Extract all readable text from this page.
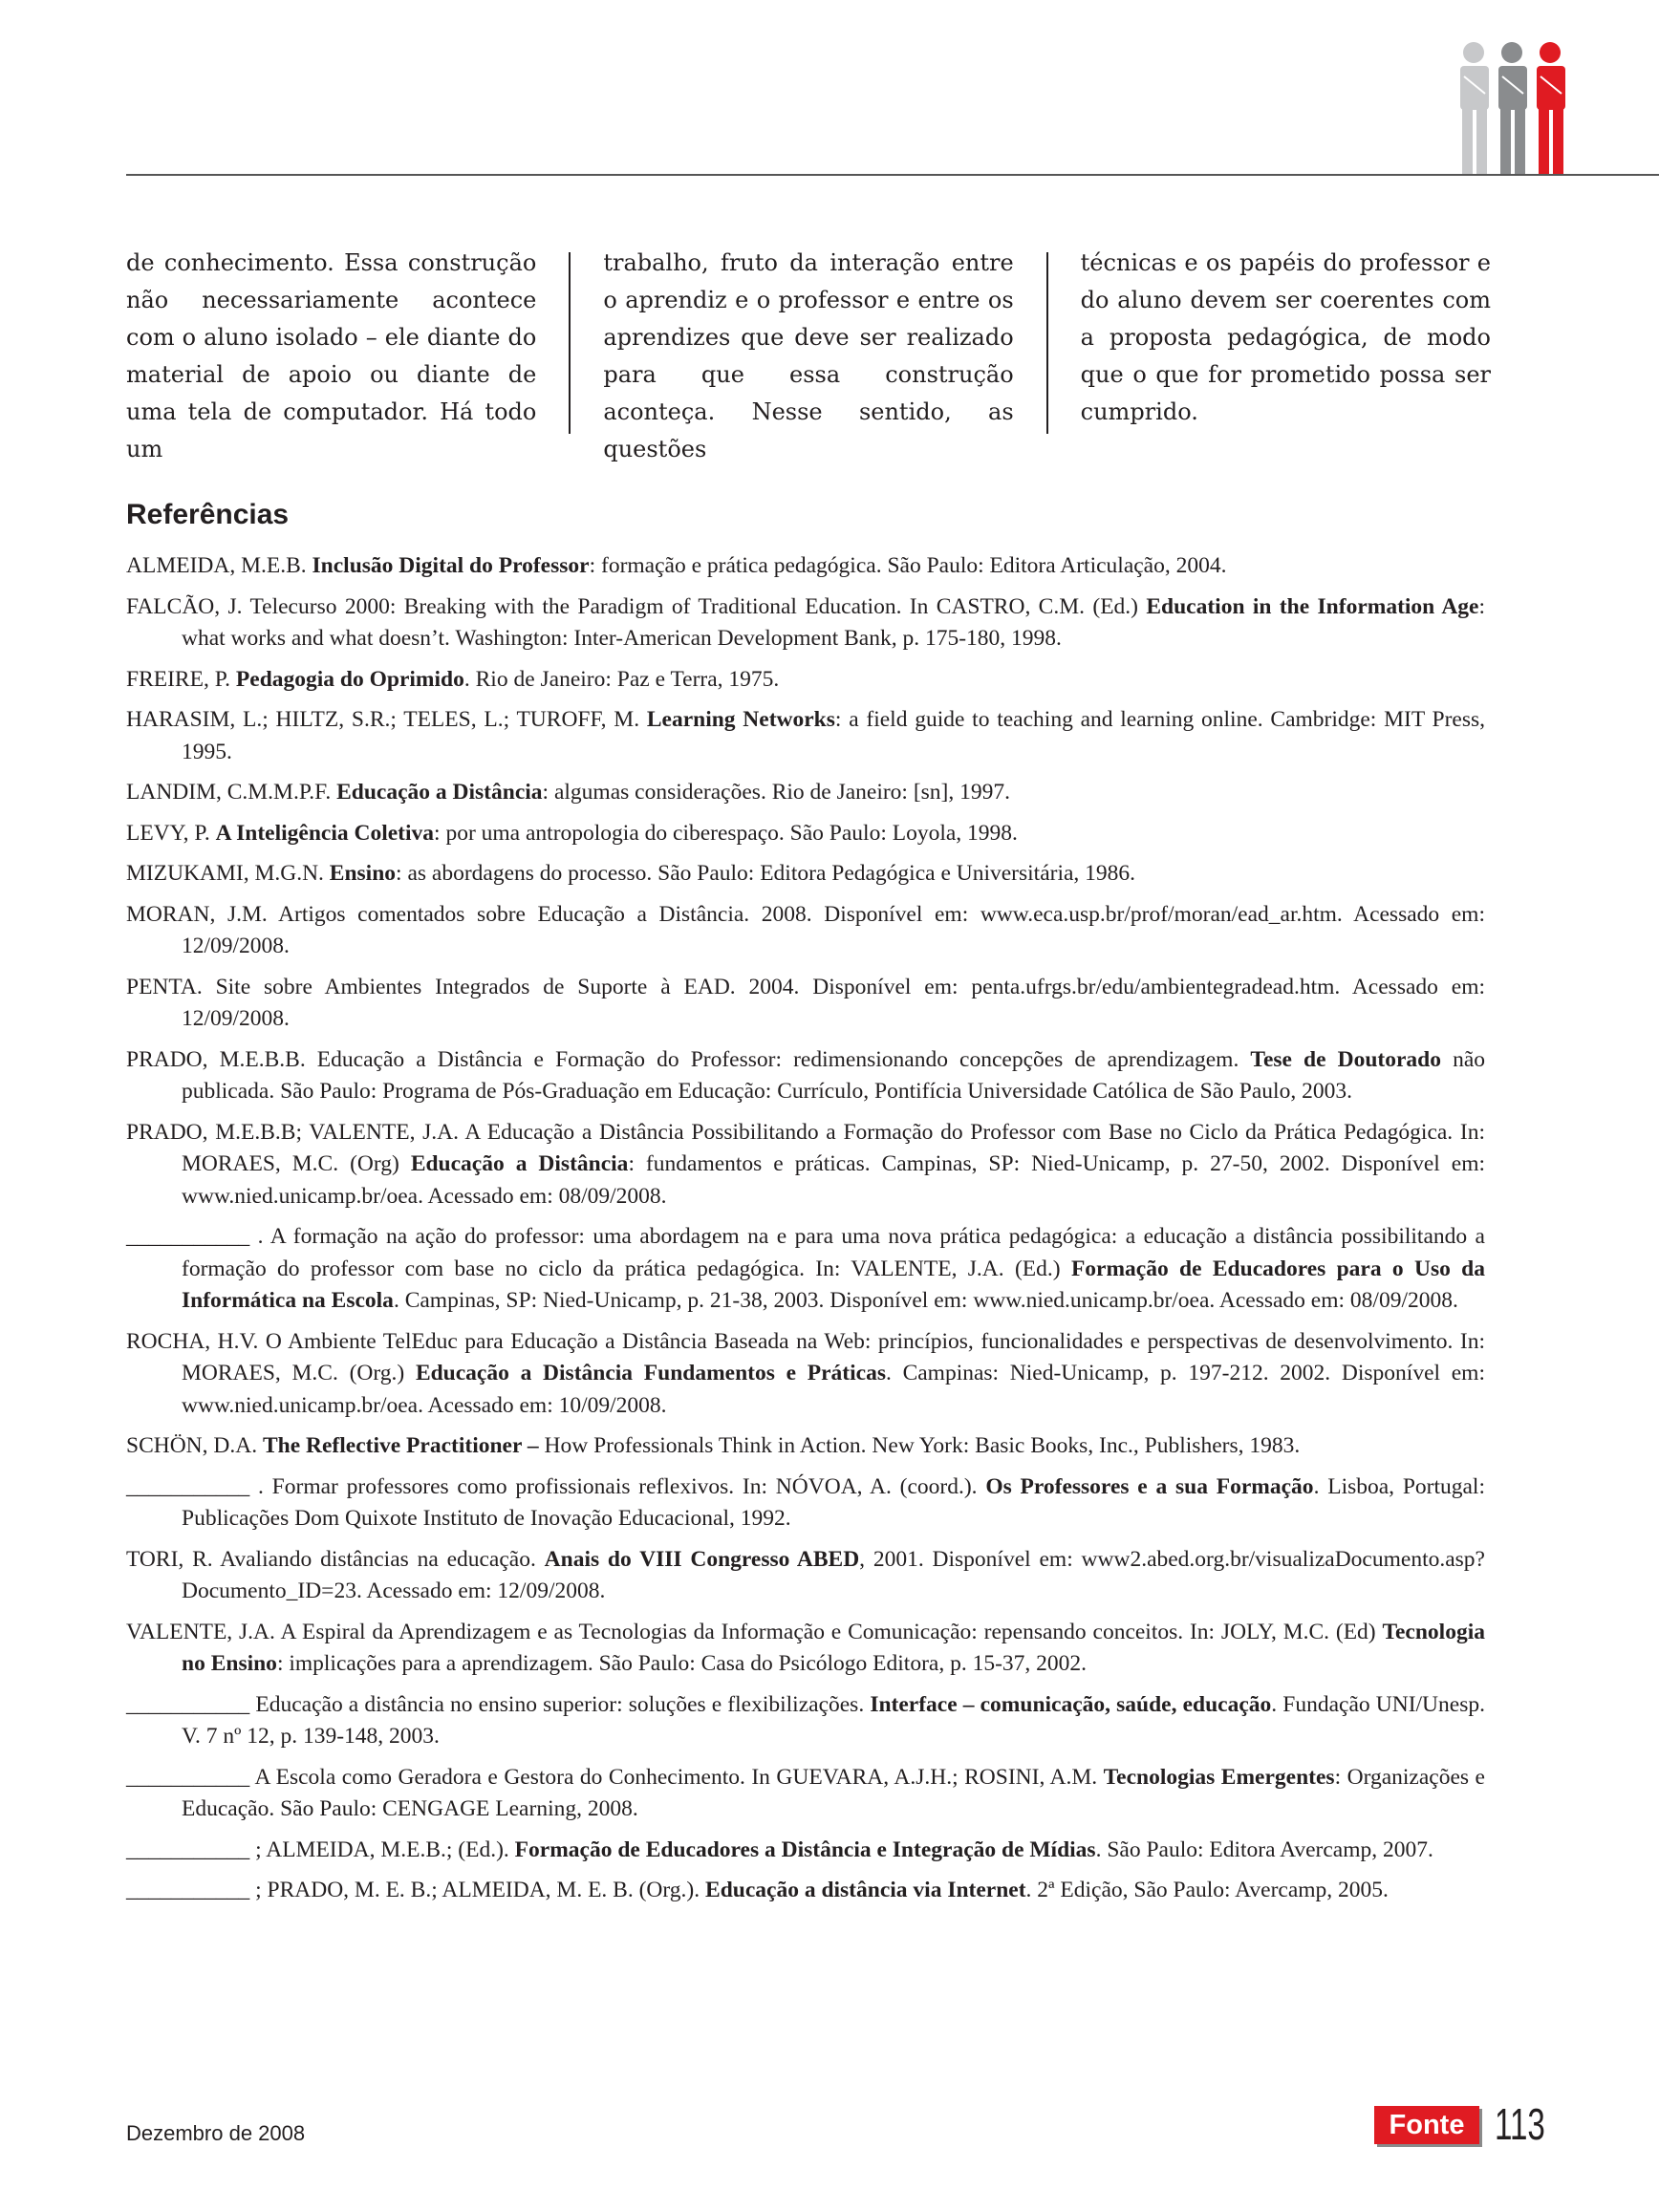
de conhecimento. Essa construção não necessariamente acontece com o aluno isolado – ele diante do material de apoio ou diante de uma tela de computador. Há todo um

trabalho, fruto da interação entre o aprendiz e o professor e entre os aprendizes que deve ser realizado para que essa construção aconteça. Nesse sentido, as questões

técnicas e os papéis do professor e do aluno devem ser coerentes com a proposta pedagógica, de modo que o que for prometido possa ser cumprido.

Referências

ALMEIDA, M.E.B. Inclusão Digital do Professor: formação e prática pedagógica. São Paulo: Editora Articulação, 2004.

FALCÃO, J. Telecurso 2000: Breaking with the Paradigm of Traditional Education. In CASTRO, C.M. (Ed.) Education in the Information Age: what works and what doesn’t. Washington: Inter-American Development Bank, p. 175-180, 1998.

FREIRE, P. Pedagogia do Oprimido. Rio de Janeiro: Paz e Terra, 1975.

HARASIM, L.; HILTZ, S.R.; TELES, L.; TUROFF, M. Learning Networks: a field guide to teaching and learning online. Cambridge: MIT Press, 1995.

LANDIM, C.M.M.P.F. Educação a Distância: algumas considerações. Rio de Janeiro: [sn], 1997.

LEVY, P. A Inteligência Coletiva: por uma antropologia do ciberespaço. São Paulo: Loyola, 1998.

MIZUKAMI, M.G.N. Ensino: as abordagens do processo. São Paulo: Editora Pedagógica e Universitária, 1986.

MORAN, J.M. Artigos comentados sobre Educação a Distância. 2008. Disponível em: www.eca.usp.br/prof/moran/ead_ar.htm. Acessado em: 12/09/2008.

PENTA. Site sobre Ambientes Integrados de Suporte à EAD. 2004. Disponível em: penta.ufrgs.br/edu/ambientegradead.htm. Acessado em: 12/09/2008.

PRADO, M.E.B.B. Educação a Distância e Formação do Professor: redimensionando concepções de aprendizagem. Tese de Doutorado não publicada. São Paulo: Programa de Pós-Graduação em Educação: Currículo, Pontifícia Universidade Católica de São Paulo, 2003.

PRADO, M.E.B.B; VALENTE, J.A. A Educação a Distância Possibilitando a Formação do Professor com Base no Ciclo da Prática Pedagógica. In: MORAES, M.C. (Org) Educação a Distância: fundamentos e práticas. Campinas, SP: Nied-Unicamp, p. 27-50, 2002. Disponível em: www.nied.unicamp.br/oea. Acessado em: 08/09/2008.

___________ . A formação na ação do professor: uma abordagem na e para uma nova prática pedagógica: a educação a distância possibilitando a formação do professor com base no ciclo da prática pedagógica. In: VALENTE, J.A. (Ed.) Formação de Educadores para o Uso da Informática na Escola. Campinas, SP: Nied-Unicamp, p. 21-38, 2003. Disponível em: www.nied.unicamp.br/oea. Acessado em: 08/09/2008.

ROCHA, H.V. O Ambiente TelEduc para Educação a Distância Baseada na Web: princípios, funcionalidades e perspectivas de desenvolvimento. In: MORAES, M.C. (Org.) Educação a Distância Fundamentos e Práticas. Campinas: Nied-Unicamp, p. 197-212. 2002. Disponível em: www.nied.unicamp.br/oea. Acessado em: 10/09/2008.

SCHÖN, D.A. The Reflective Practitioner – How Professionals Think in Action. New York: Basic Books, Inc., Publishers, 1983.

___________ . Formar professores como profissionais reflexivos. In: NÓVOA, A. (coord.). Os Professores e a sua Formação. Lisboa, Portugal: Publicações Dom Quixote Instituto de Inovação Educacional, 1992.

TORI, R. Avaliando distâncias na educação. Anais do VIII Congresso ABED, 2001. Disponível em: www2.abed.org.br/visualizaDocumento.asp?Documento_ID=23. Acessado em: 12/09/2008.

VALENTE, J.A. A Espiral da Aprendizagem e as Tecnologias da Informação e Comunicação: repensando conceitos. In: JOLY, M.C. (Ed) Tecnologia no Ensino: implicações para a aprendizagem. São Paulo: Casa do Psicólogo Editora, p. 15-37, 2002.

___________ Educação a distância no ensino superior: soluções e flexibilizações. Interface – comunicação, saúde, educação. Fundação UNI/Unesp. V. 7 nº 12, p. 139-148, 2003.

___________ A Escola como Geradora e Gestora do Conhecimento. In GUEVARA, A.J.H.; ROSINI, A.M. Tecnologias Emergentes: Organizações e Educação. São Paulo: CENGAGE Learning, 2008.

___________ ; ALMEIDA, M.E.B.; (Ed.). Formação de Educadores a Distância e Integração de Mídias. São Paulo: Editora Avercamp, 2007.

___________ ; PRADO, M. E. B.; ALMEIDA, M. E. B. (Org.). Educação a distância via Internet. 2ª Edição, São Paulo: Avercamp, 2005.

Dezembro de 2008	Fonte 113
